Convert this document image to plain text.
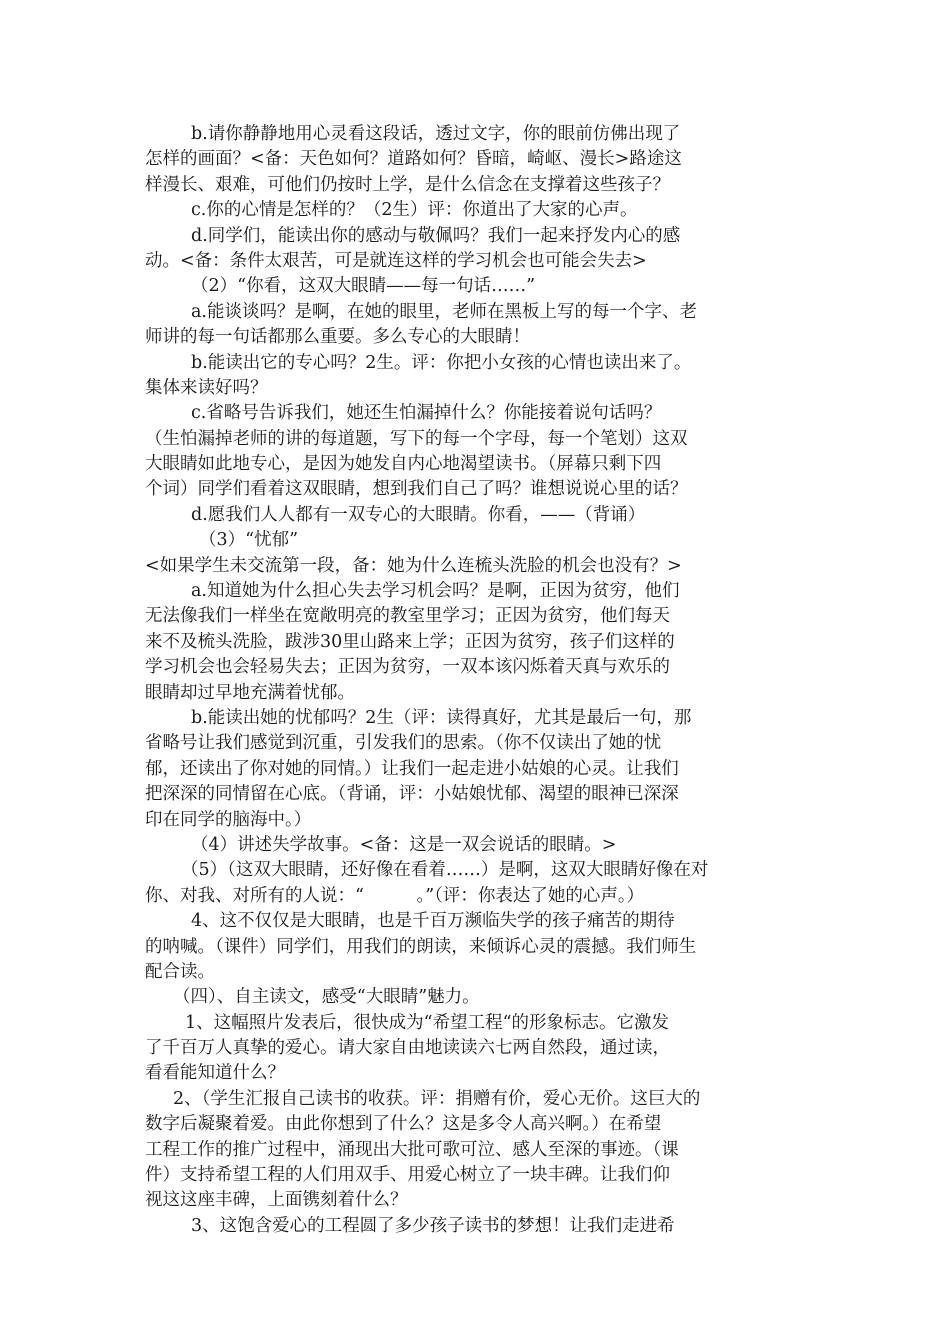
b.请你静静地用心灵看这段话，透过文字，你的眼前仿佛出现了
怎样的画面？<备：天色如何？道路如何？昏暗，崎岖、漫长>路途这
样漫长、艰难，可他们仍按时上学，是什么信念在支撑着这些孩子？
c.你的心情是怎样的？（2生）评：你道出了大家的心声。
d.同学们，能读出你的感动与敬佩吗？我们一起来抒发内心的感
动。<备：条件太艰苦，可是就连这样的学习机会也可能会失去>
（2）“你看，这双大眼睛——每一句话……”
a.能谈谈吗？是啊，在她的眼里，老师在黑板上写的每一个字、老
师讲的每一句话都那么重要。多么专心的大眼睛！
b.能读出它的专心吗？2生。评：你把小女孩的心情也读出来了。
集体来读好吗？
c.省略号告诉我们，她还生怕漏掉什么？你能接着说句话吗？
（生怕漏掉老师的讲的每道题，写下的每一个字母，每一个笔划）这双
大眼睛如此地专心，是因为她发自内心地渴望读书。（屏幕只剩下四
个词）同学们看着这双眼睛，想到我们自己了吗？谁想说说心里的话？
d.愿我们人人都有一双专心的大眼睛。你看，——（背诵）
（3）“忧郁”
<如果学生未交流第一段，备：她为什么连梳头洗脸的机会也没有？>
a.知道她为什么担心失去学习机会吗？是啊，正因为贫穷，他们
无法像我们一样坐在宽敞明亮的教室里学习；正因为贫穷，他们每天
来不及梳头洗脸，跋涉30里山路来上学；正因为贫穷，孩子们这样的
学习机会也会轻易失去；正因为贫穷，一双本该闪烁着天真与欢乐的
眼睛却过早地充满着忧郁。
b.能读出她的忧郁吗？2生（评：读得真好，尤其是最后一句，那
省略号让我们感觉到沉重，引发我们的思索。（你不仅读出了她的忧
郁，还读出了你对她的同情。）让我们一起走进小姑娘的心灵。让我们
把深深的同情留在心底。（背诵，评：小姑娘忧郁、渴望的眼神已深深
印在同学的脑海中。）
（4）讲述失学故事。<备：这是一双会说话的眼睛。>
（5）（这双大眼睛，还好像在看着……）是啊，这双大眼睛好像在对
你、对我、对所有的人说：“　　　。”（评：你表达了她的心声。）
4、这不仅仅是大眼睛，也是千百万濒临失学的孩子痛苦的期待
的呐喊。（课件）同学们，用我们的朗读，来倾诉心灵的震撼。我们师生
配合读。
（四）、自主读文，感受“大眼睛”魅力。
1、这幅照片发表后，很快成为“希望工程“的形象标志。它激发
了千百万人真挚的爱心。请大家自由地读读六七两自然段，通过读，
看看能知道什么？
2、（学生汇报自己读书的收获。评：捐赠有价，爱心无价。这巨大的
数字后凝聚着爱。由此你想到了什么？这是多令人高兴啊。）在希望
工程工作的推广过程中，涌现出大批可歌可泣、感人至深的事迹。（课
件）支持希望工程的人们用双手、用爱心树立了一块丰碑。让我们仰
视这这座丰碑，上面镌刻着什么？
3、这饱含爱心的工程圆了多少孩子读书的梦想！让我们走进希
